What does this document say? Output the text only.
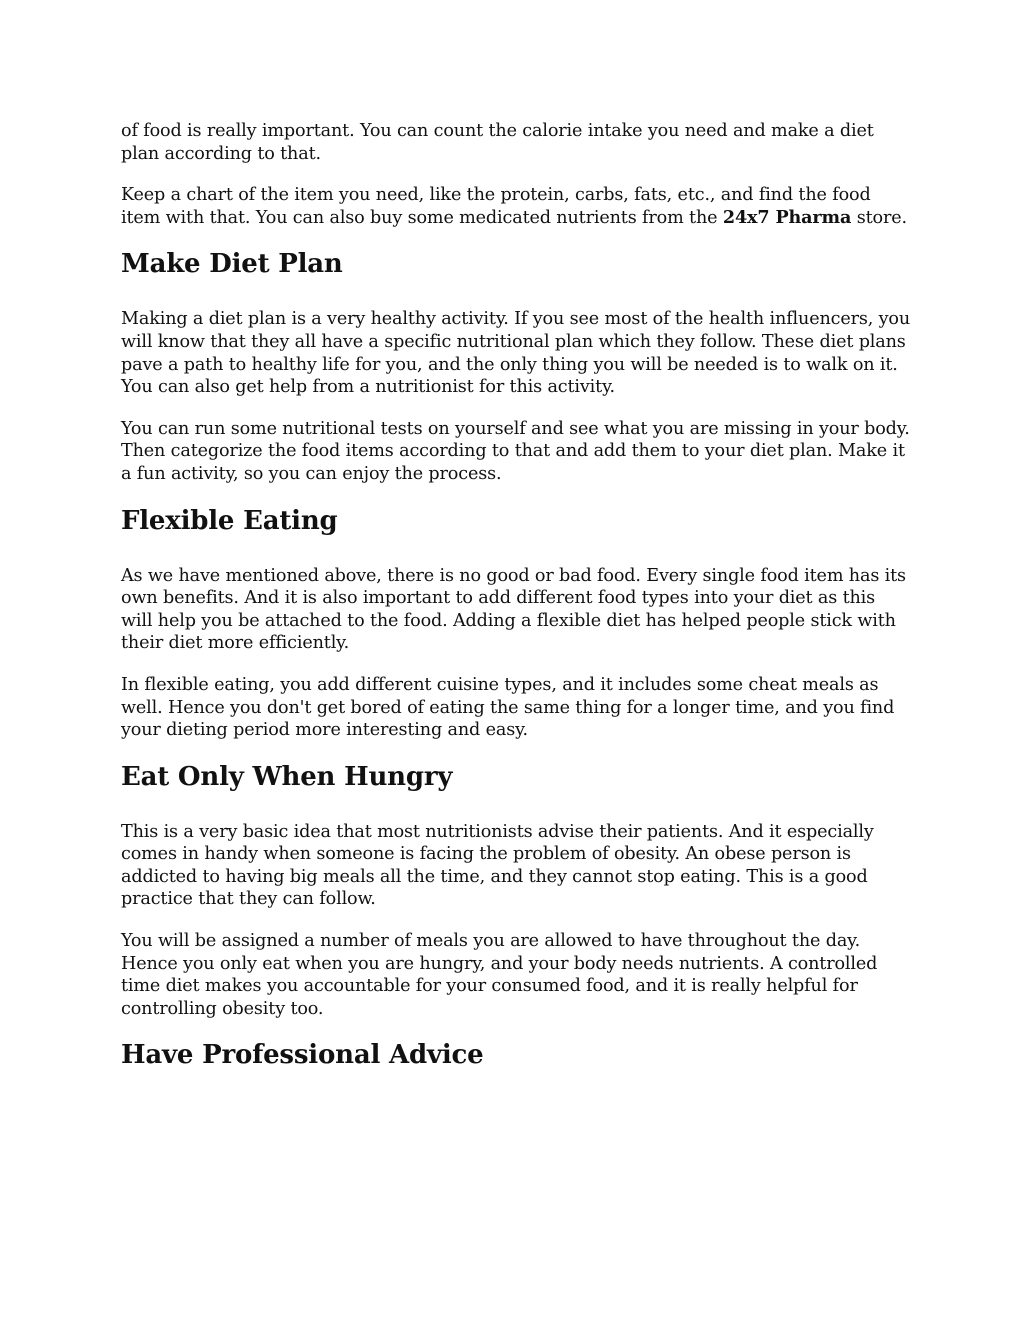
of food is really important. You can count the calorie intake you need and make a diet plan according to that.

Keep a chart of the item you need, like the protein, carbs, fats, etc., and find the food item with that. You can also buy some medicated nutrients from the 24x7 Pharma store.

Make Diet Plan

Making a diet plan is a very healthy activity. If you see most of the health influencers, you will know that they all have a specific nutritional plan which they follow. These diet plans pave a path to healthy life for you, and the only thing you will be needed is to walk on it. You can also get help from a nutritionist for this activity.

You can run some nutritional tests on yourself and see what you are missing in your body. Then categorize the food items according to that and add them to your diet plan. Make it a fun activity, so you can enjoy the process.

Flexible Eating

As we have mentioned above, there is no good or bad food. Every single food item has its own benefits. And it is also important to add different food types into your diet as this will help you be attached to the food. Adding a flexible diet has helped people stick with their diet more efficiently.

In flexible eating, you add different cuisine types, and it includes some cheat meals as well. Hence you don't get bored of eating the same thing for a longer time, and you find your dieting period more interesting and easy.

Eat Only When Hungry

This is a very basic idea that most nutritionists advise their patients. And it especially comes in handy when someone is facing the problem of obesity. An obese person is addicted to having big meals all the time, and they cannot stop eating. This is a good practice that they can follow.

You will be assigned a number of meals you are allowed to have throughout the day. Hence you only eat when you are hungry, and your body needs nutrients. A controlled time diet makes you accountable for your consumed food, and it is really helpful for controlling obesity too.

Have Professional Advice
